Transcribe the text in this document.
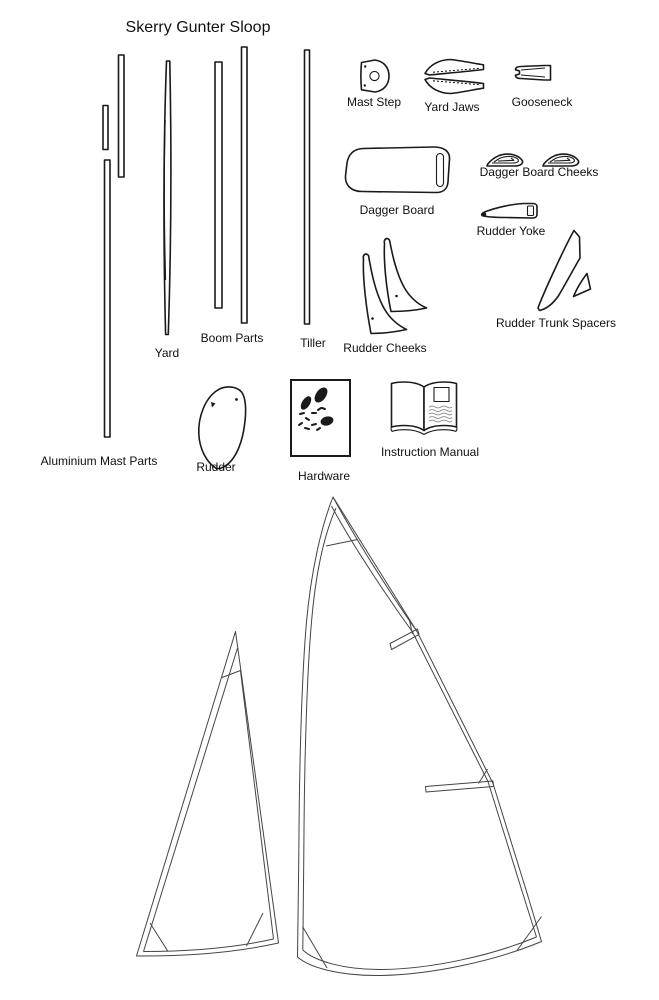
Skerry Gunter Sloop
Mast Step Yard Jaws	Gooseneck
Dagger Board
Dagger Board Cheeks
Rudder Yoke
Rudder Trunk Spacers
Rudder Cheeks
Boom Parts
Yard
Tiller
Aluminium Mast Parts	Rudder
Hardware
Instruction Manual
